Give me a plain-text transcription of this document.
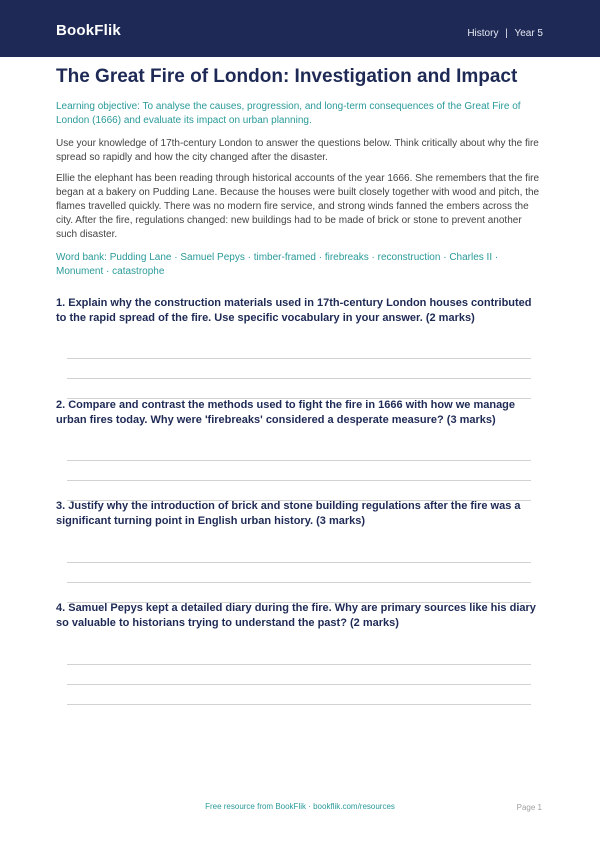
BookFlik	History | Year 5
The Great Fire of London: Investigation and Impact

Learning objective: To analyse the causes, progression, and long-term consequences of the Great Fire of London (1666) and evaluate its impact on urban planning.

Use your knowledge of 17th-century London to answer the questions below. Think critically about why the fire spread so rapidly and how the city changed after the disaster.

Ellie the elephant has been reading through historical accounts of the year 1666. She remembers that the fire began at a bakery on Pudding Lane. Because the houses were built closely together with wood and pitch, the flames travelled quickly. There was no modern fire service, and strong winds fanned the embers across the city. After the fire, regulations changed: new buildings had to be made of brick or stone to prevent another such disaster.

Word bank: Pudding Lane · Samuel Pepys · timber-framed · firebreaks · reconstruction · Charles II · Monument · catastrophe

1. Explain why the construction materials used in 17th-century London houses contributed to the rapid spread of the fire. Use specific vocabulary in your answer. (2 marks)

2. Compare and contrast the methods used to fight the fire in 1666 with how we manage urban fires today. Why were 'firebreaks' considered a desperate measure? (3 marks)

3. Justify why the introduction of brick and stone building regulations after the fire was a significant turning point in English urban history. (3 marks)

4. Samuel Pepys kept a detailed diary during the fire. Why are primary sources like his diary so valuable to historians trying to understand the past? (2 marks)

Free resource from BookFlik · bookflik.com/resources	Page 1
